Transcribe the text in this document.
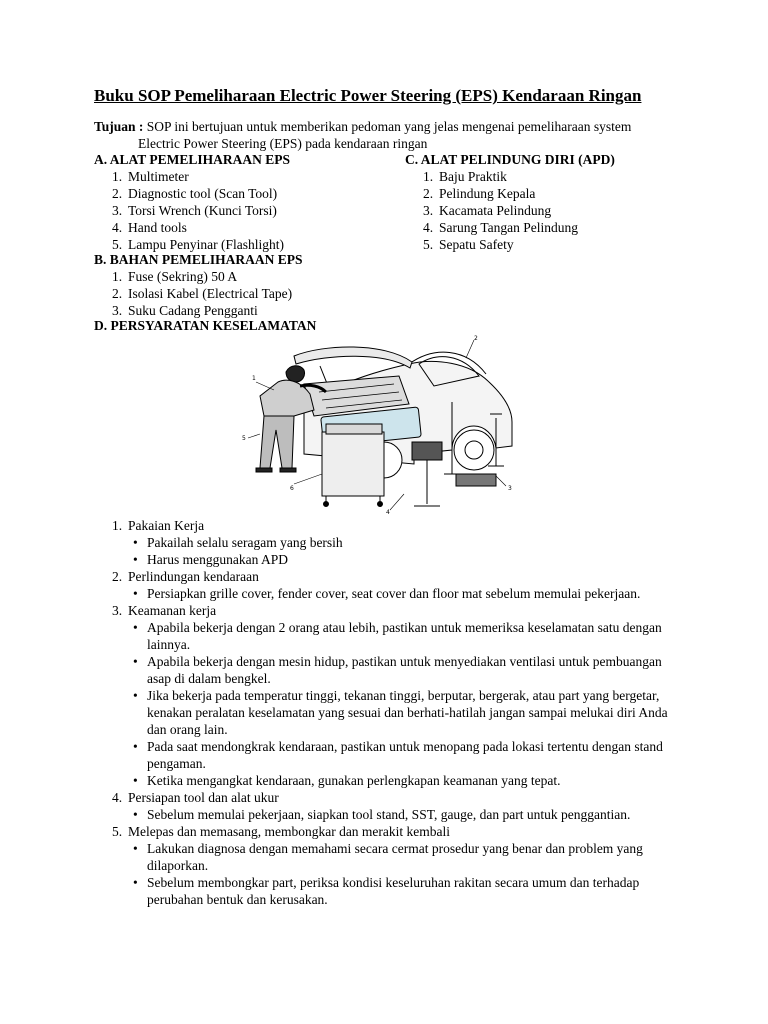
Buku SOP Pemeliharaan Electric Power Steering (EPS) Kendaraan Ringan
Tujuan : SOP ini bertujuan untuk memberikan pedoman yang jelas mengenai pemeliharaan system
Electric Power Steering (EPS) pada kendaraan ringan
A. ALAT PEMELIHARAAN EPS
1. Multimeter
2. Diagnostic tool (Scan Tool)
3. Torsi Wrench (Kunci Torsi)
4. Hand tools
5. Lampu Penyinar (Flashlight)
C. ALAT PELINDUNG DIRI (APD)
1. Baju Praktik
2. Pelindung Kepala
3. Kacamata Pelindung
4. Sarung Tangan Pelindung
5. Sepatu Safety
B. BAHAN PEMELIHARAAN EPS
1. Fuse (Sekring) 50 A
2. Isolasi Kabel (Electrical Tape)
3. Suku Cadang Pengganti
D. PERSYARATAN KESELAMATAN
1
2
3
4
5
6
1. Pakaian Kerja
• Pakailah selalu seragam yang bersih
• Harus menggunakan APD
2. Perlindungan kendaraan
• Persiapkan grille cover, fender cover, seat cover dan floor mat sebelum memulai pekerjaan.
3. Keamanan kerja
• Apabila bekerja dengan 2 orang atau lebih, pastikan untuk memeriksa keselamatan satu dengan lainnya.
• Apabila bekerja dengan mesin hidup, pastikan untuk menyediakan ventilasi untuk pembuangan asap di dalam bengkel.
• Jika bekerja pada temperatur tinggi, tekanan tinggi, berputar, bergerak, atau part yang bergetar, kenakan peralatan keselamatan yang sesuai dan berhati-hatilah jangan sampai melukai diri Anda dan orang lain.
• Pada saat mendongkrak kendaraan, pastikan untuk menopang pada lokasi tertentu dengan stand pengaman.
• Ketika mengangkat kendaraan, gunakan perlengkapan keamanan yang tepat.
4. Persiapan tool dan alat ukur
• Sebelum memulai pekerjaan, siapkan tool stand, SST, gauge, dan part untuk penggantian.
5. Melepas dan memasang, membongkar dan merakit kembali
• Lakukan diagnosa dengan memahami secara cermat prosedur yang benar dan problem yang dilaporkan.
• Sebelum membongkar part, periksa kondisi keseluruhan rakitan secara umum dan terhadap perubahan bentuk dan kerusakan.
